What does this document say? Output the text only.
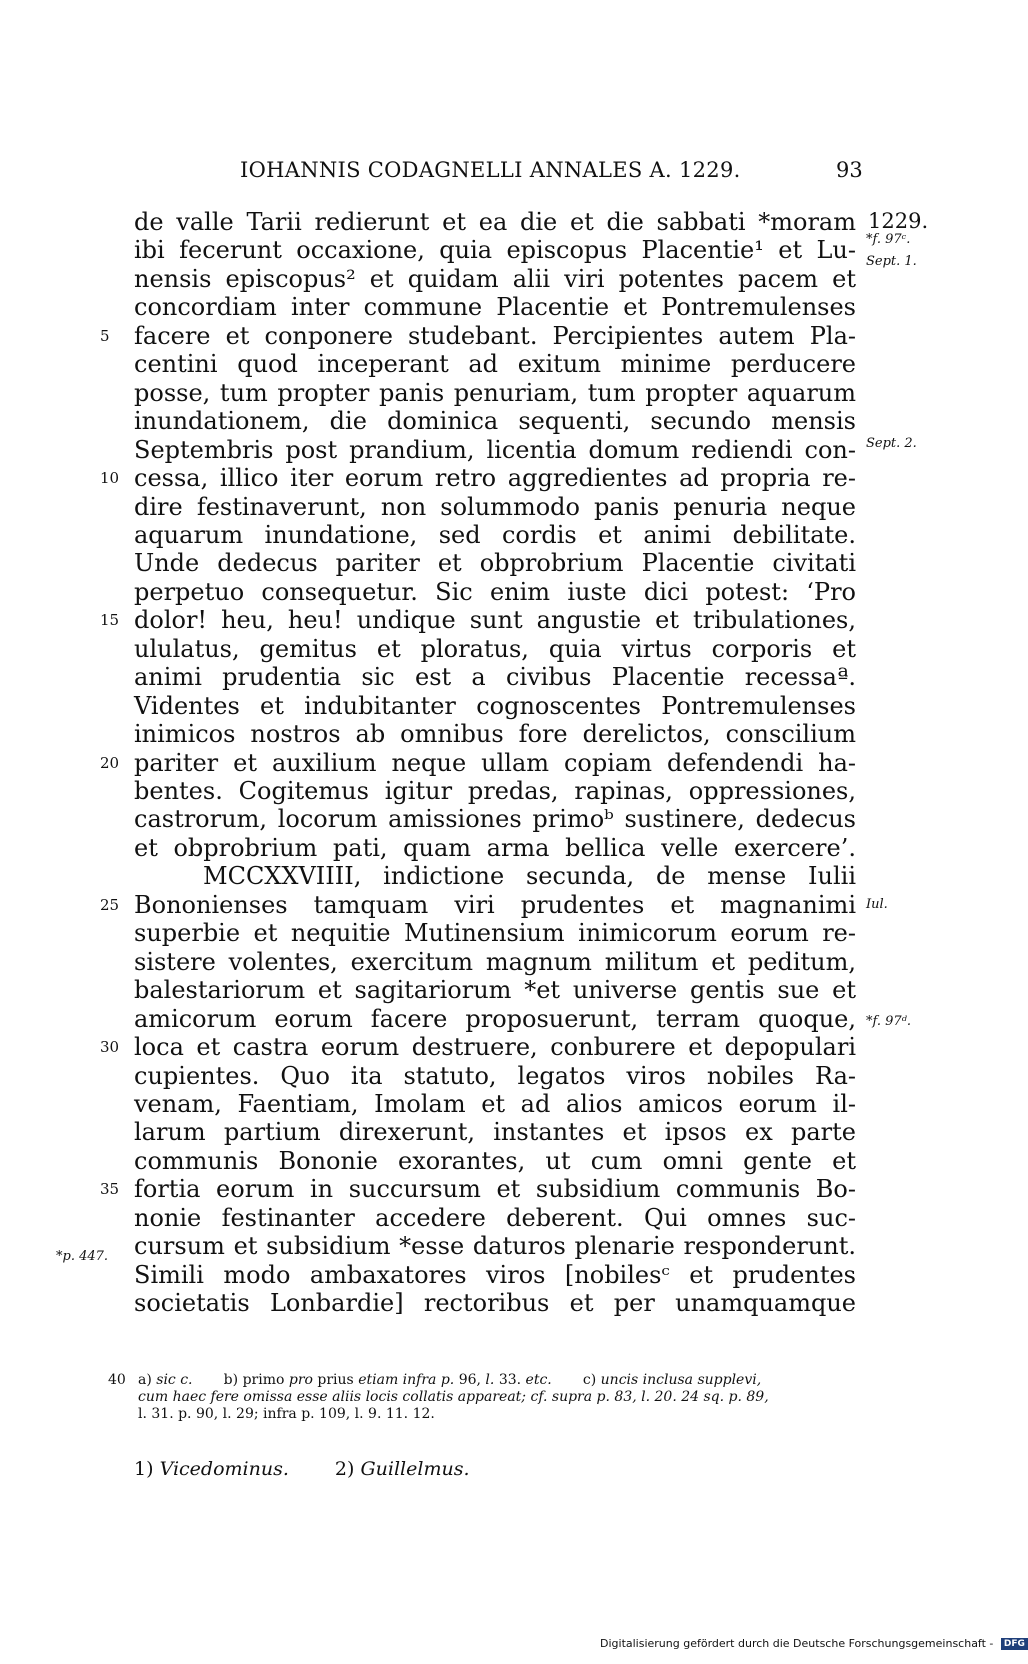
IOHANNIS CODAGNELLI ANNALES A. 1229.	93
1229.
de valle Tarii redierunt et ea die et die sabbati *moram
ibi fecerunt occaxione, quia episcopus Placentie¹ et Lu-
nensis episcopus² et quidam alii viri potentes pacem et
concordiam inter commune Placentie et Pontremulenses
5	facere et conponere studebant. Percipientes autem Pla-
centini quod inceperant ad exitum minime perducere
posse, tum propter panis penuriam, tum propter aquarum
inundationem, die dominica sequenti, secundo mensis
Septembris post prandium, licentia domum rediendi con-
10 cessa, illico iter eorum retro aggredientes ad propria re-
dire festinaverunt, non solummodo panis penuria neque
aquarum inundatione, sed cordis et animi debilitate.
Unde dedecus pariter et obprobrium Placentie civitati
perpetuo consequetur. Sic enim iuste dici potest: ‘Pro
15 dolor! heu, heu! undique sunt angustie et tribulationes,
ululatus, gemitus et ploratus, quia virtus corporis et
animi prudentia sic est a civibus Placentie recessaª.
Videntes et indubitanter cognoscentes Pontremulenses
inimicos nostros ab omnibus fore derelictos, conscilium
20 pariter et auxilium neque ullam copiam defendendi ha-
bentes. Cogitemus igitur predas, rapinas, oppressiones,
castrorum, locorum amissiones primoᵇ sustinere, dedecus
et obprobrium pati, quam arma bellica velle exercere’.
MCCXXVIIII, indictione secunda, de mense Iulii
25 Bononienses tamquam viri prudentes et magnanimi
superbie et nequitie Mutinensium inimicorum eorum re-
sistere volentes, exercitum magnum militum et peditum,
balestariorum et sagitariorum *et universe gentis sue et
amicorum eorum facere proposuerunt, terram quoque,
30 loca et castra eorum destruere, conburere et depopulari
cupientes. Quo ita statuto, legatos viros nobiles Ra-
venam, Faentiam, Imolam et ad alios amicos eorum il-
larum partium direxerunt, instantes et ipsos ex parte
communis Bononie exorantes, ut cum omni gente et
35 fortia eorum in succursum et subsidium communis Bo-
nonie festinanter accedere deberent. Qui omnes suc-
cursum et subsidium *esse daturos plenarie responderunt.
Simili modo ambaxatores viros [nobilesᶜ et prudentes
societatis Lonbardie] rectoribus et per unamquamque
*f. 97ᶜ.
Sept. 1.
Sept. 2.
Iul.
*f. 97ᵈ.
*p. 447.
40 a) sic c. b) primo pro prius etiam infra p. 96, l. 33. etc. c) uncis inclusa supplevi,
cum haec fere omissa esse aliis locis collatis appareat; cf. supra p. 83, l. 20. 24 sq. p. 89,
l. 31. p. 90, l. 29; infra p. 109, l. 9. 11. 12.
1) Vicedominus. 2) Guillelmus.
Digitalisierung gefördert durch die Deutsche Forschungsgemeinschaft - DFG
